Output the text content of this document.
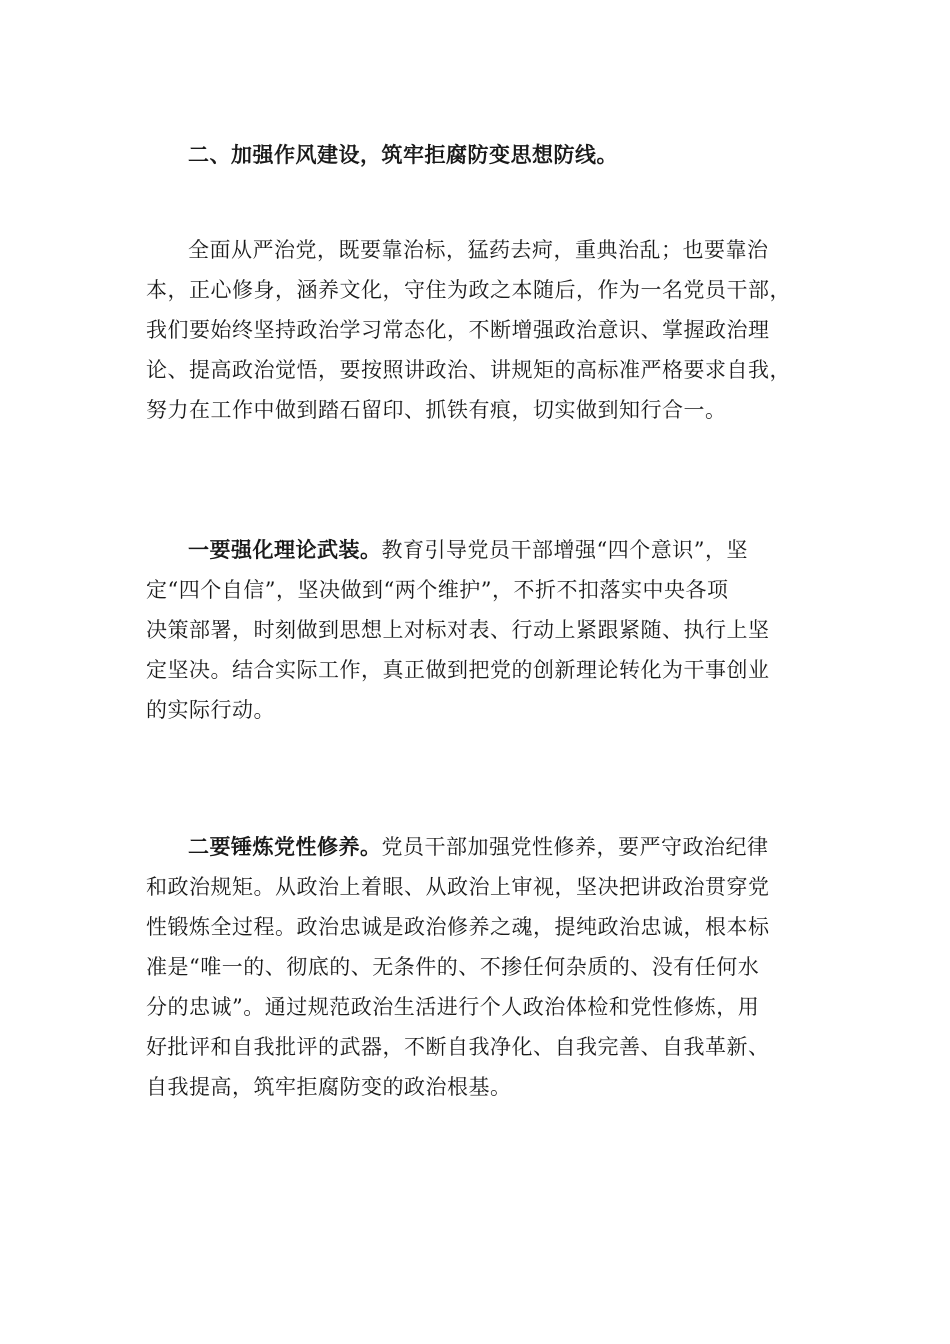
二、加强作风建设，筑牢拒腐防变思想防线。
全面从严治党，既要靠治标，猛药去疴，重典治乱；也要靠治
本，正心修身，涵养文化，守住为政之本随后，作为一名党员干部，
我们要始终坚持政治学习常态化，不断增强政治意识、掌握政治理
论、提高政治觉悟，要按照讲政治、讲规矩的高标准严格要求自我，
努力在工作中做到踏石留印、抓铁有痕，切实做到知行合一。
一要强化理论武装。教育引导党员干部增强“四个意识”，坚
定“四个自信”，坚决做到“两个维护”，不折不扣落实中央各项
决策部署，时刻做到思想上对标对表、行动上紧跟紧随、执行上坚
定坚决。结合实际工作，真正做到把党的创新理论转化为干事创业
的实际行动。
二要锤炼党性修养。党员干部加强党性修养，要严守政治纪律
和政治规矩。从政治上着眼、从政治上审视，坚决把讲政治贯穿党
性锻炼全过程。政治忠诚是政治修养之魂，提纯政治忠诚，根本标
准是“唯一的、彻底的、无条件的、不掺任何杂质的、没有任何水
分的忠诚”。通过规范政治生活进行个人政治体检和党性修炼，用
好批评和自我批评的武器，不断自我净化、自我完善、自我革新、
自我提高，筑牢拒腐防变的政治根基。
